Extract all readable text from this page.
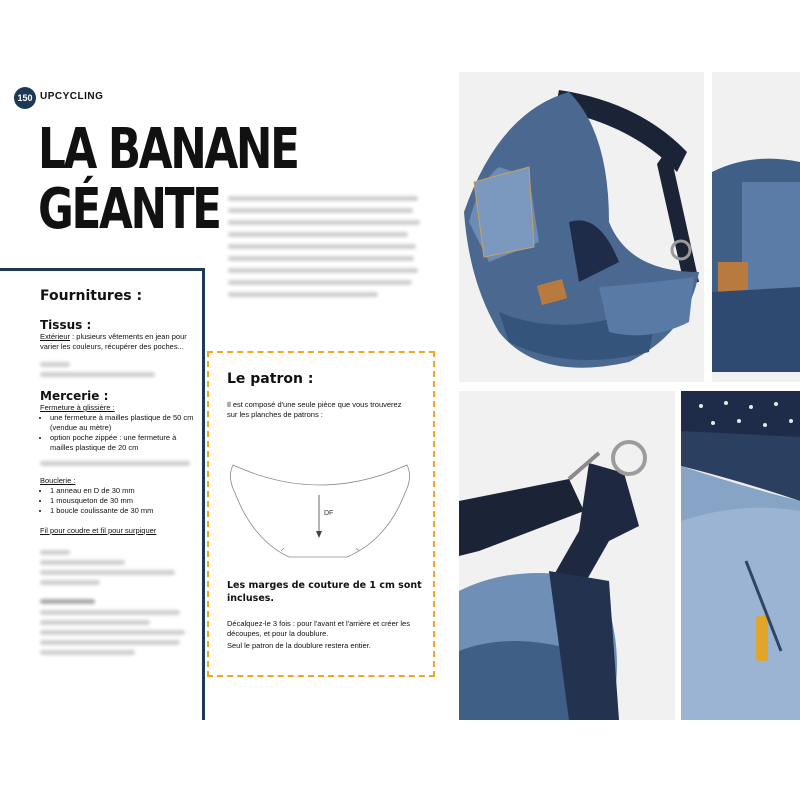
150 UPCYCLING
LA BANANE
GÉANTE
Fournitures :
Tissus :
Extérieur : plusieurs vêtements en jean pour varier les couleurs, récupérer des poches...
Mercerie :
Fermeture à glissière :
• une fermeture à mailles plastique de 50 cm (vendue au mètre)
• option poche zippée : une fermeture à mailles plastique de 20 cm
Bouclerie :
• 1 anneau en D de 30 mm
• 1 mousqueton de 30 mm
• 1 boucle coulissante de 30 mm
Fil pour coudre et fil pour surpiquer
Le patron :
Il est composé d'une seule pièce que vous trouverez sur les planches de patrons :
DF
Les marges de couture de 1 cm sont incluses.
Décalquez-le 3 fois : pour l'avant et l'arrière et créer les découpes, et pour la doublure.
Seul le patron de la doublure restera entier.
